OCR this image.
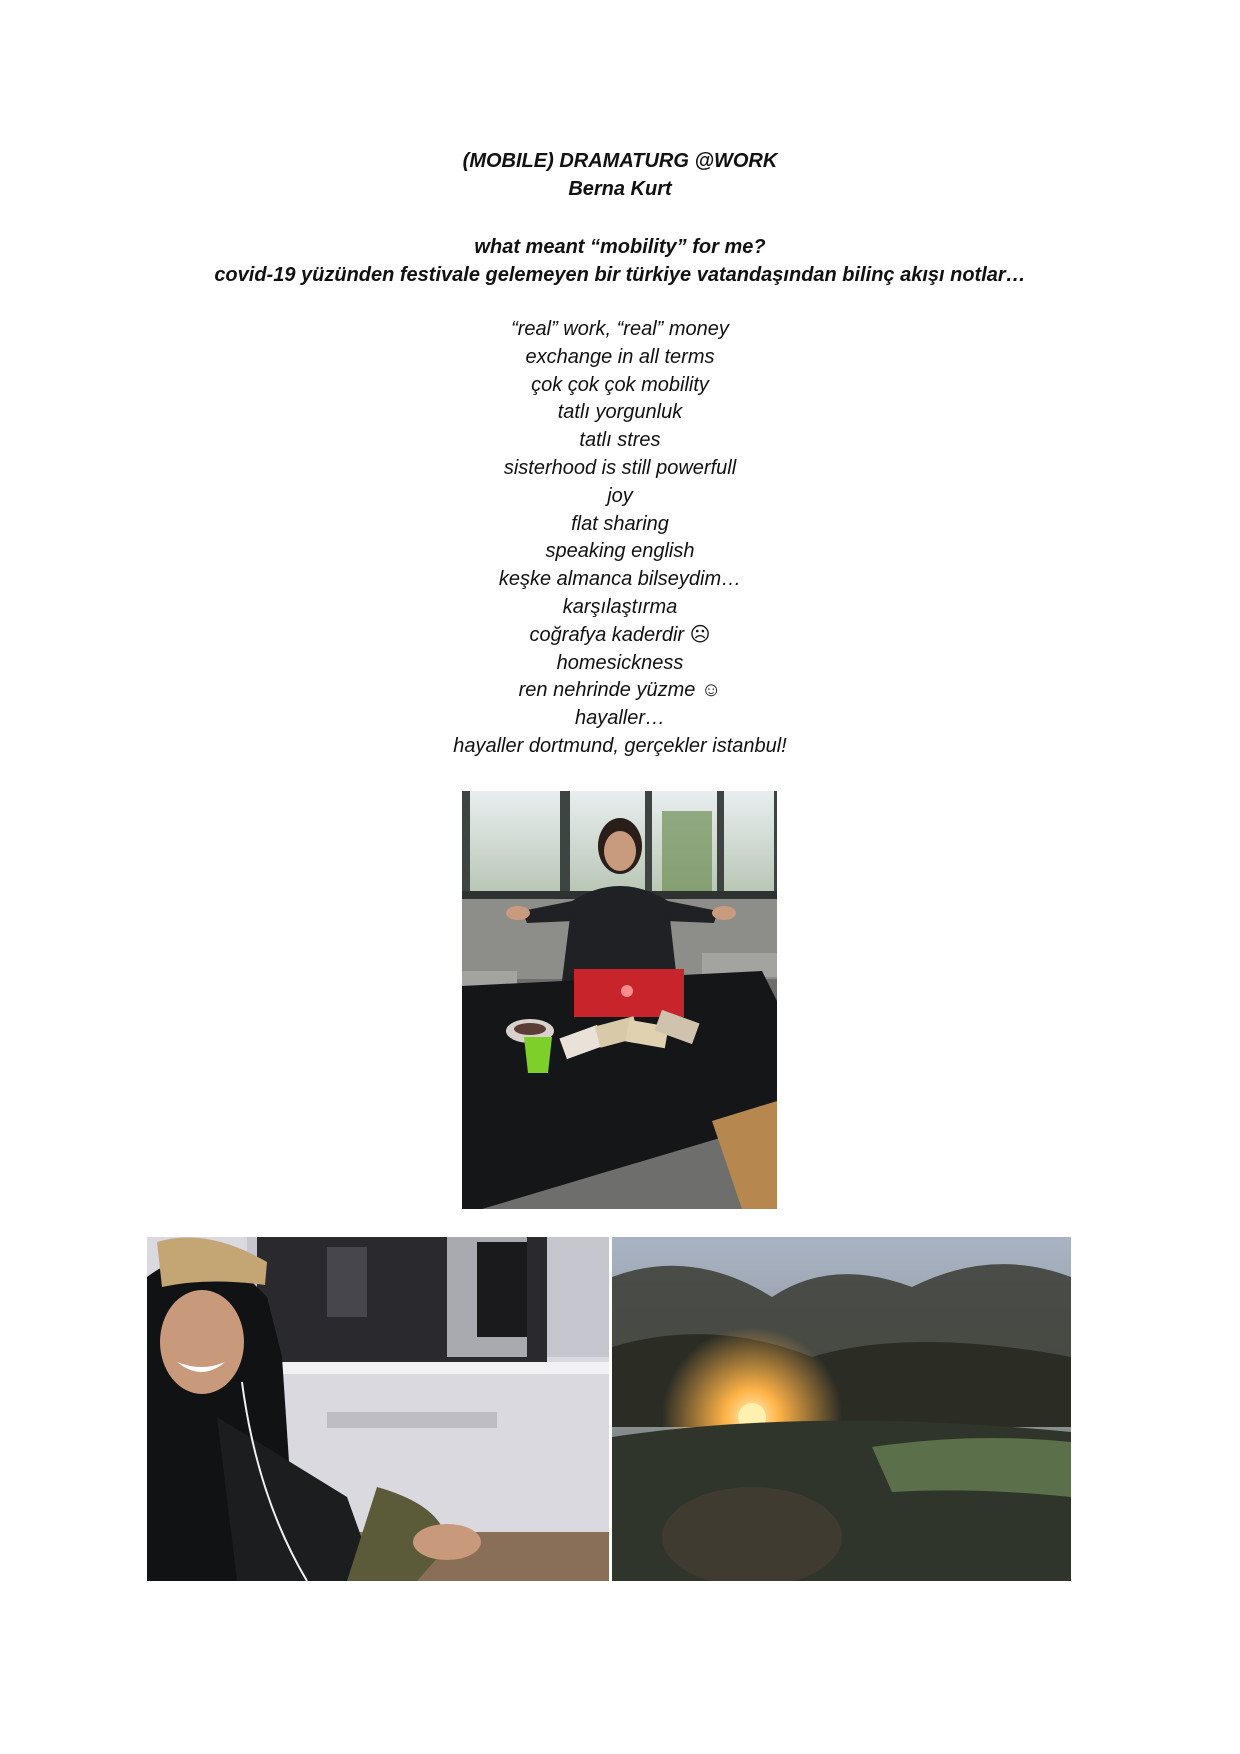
(MOBILE) DRAMATURG @WORK
Berna Kurt
what meant “mobility” for me?
covid-19 yüzünden festivale gelemeyen bir türkiye vatandaşından bilinç akışı notlar…
“real” work, “real” money
exchange in all terms
çok çok çok mobility
tatlı yorgunluk
tatlı stres
sisterhood is still powerfull
joy
flat sharing
speaking english
keşke almanca bilseydim…
karşılaştırma
coğrafya kaderdir ☹
homesickness
ren nehrinde yüzme ☺
hayaller…
hayaller dortmund, gerçekler istanbul!
